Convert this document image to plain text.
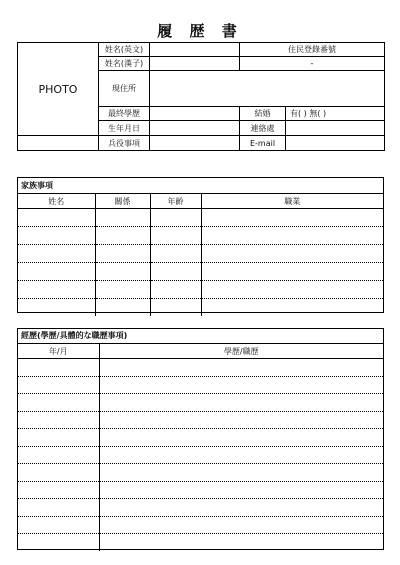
履 歴 書
PHOTO	姓名(英文)		住民登錄番號	
	姓名(漢子)		-	
	現住所			
	最終學歷		結婚	有( ) 無( )
	生年月日		連絡處	
	兵役事項		E-mail	
家族事項
姓名	關係	年齡	職業

經歷(學歷/具體的な職歷事項)
年/月	學歷/職歷
